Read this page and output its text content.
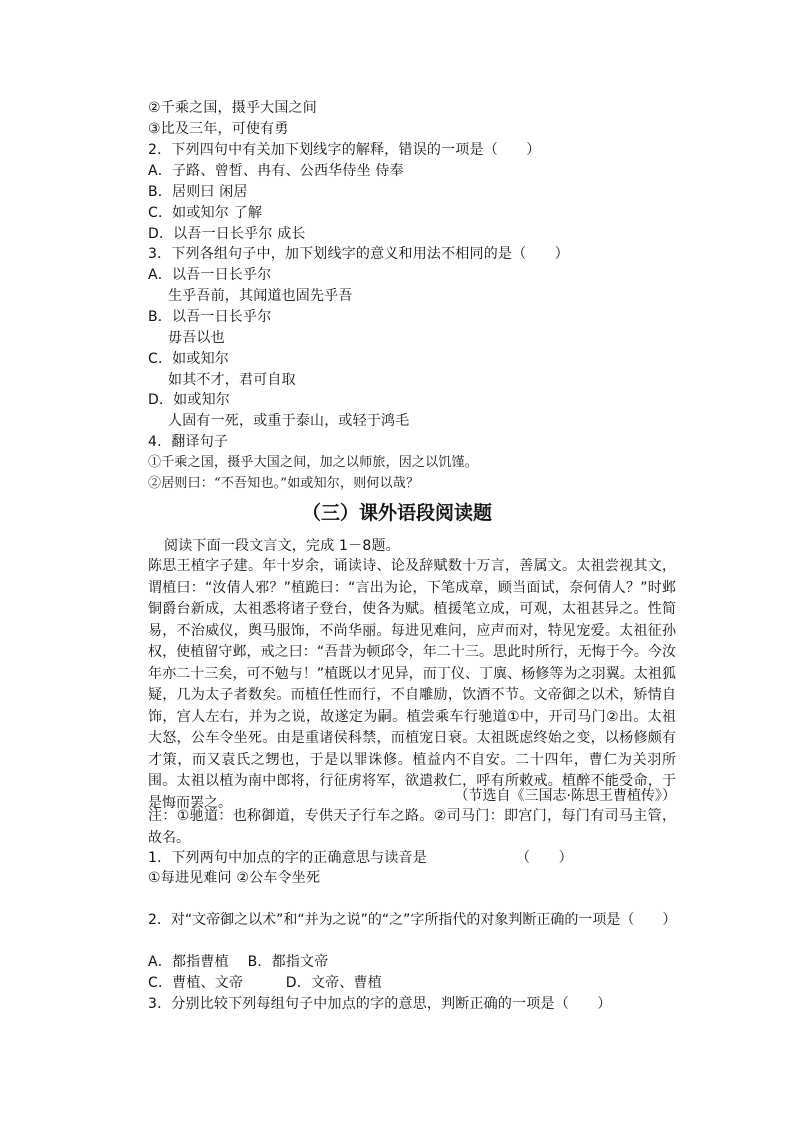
②千乘之国，摄乎大国之间
③比及三年，可使有勇
2．下列四句中有关加下划线字的解释，错误的一项是（　　）
A．子路、曾皙、冉有、公西华侍坐 侍奉
B．居则曰 闲居
C．如或知尔 了解
D．以吾一日长乎尔 成长
3．下列各组句子中，加下划线字的意义和用法不相同的是（　　）
A．以吾一日长乎尔
生乎吾前，其闻道也固先乎吾
B．以吾一日长乎尔
毋吾以也
C．如或知尔
如其不才，君可自取
D．如或知尔
人固有一死，或重于泰山，或轻于鸿毛
4．翻译句子
①千乘之国，摄乎大国之间，加之以师旅，因之以饥馑。
②居则曰：“不吾知也。”如或知尔，则何以哉？
（三）课外语段阅读题
阅读下面一段文言文，完成 1－8题。

陈思王植字子建。年十岁余，诵读诗、论及辞赋数十万言，善属文。太祖尝视其文，谓植曰：“汝倩人邪？”植跪曰：“言出为论，下笔成章，顾当面试，奈何倩人？”时邺铜爵台新成，太祖悉将诸子登台，使各为赋。植援笔立成，可观，太祖甚异之。性简易，不治威仪，舆马服饰，不尚华丽。每进见难问，应声而对，特见宠爱。太祖征孙权，使植留守邺，戒之曰：“吾昔为顿邱令，年二十三。思此时所行，无悔于今。今汝年亦二十三矣，可不勉与！”植既以才见异，而丁仪、丁廙、杨修等为之羽翼。太祖狐疑，几为太子者数矣。而植任性而行，不自雕励，饮酒不节。文帝御之以术，矫情自饰，宫人左右，并为之说，故遂定为嗣。植尝乘车行驰道①中，开司马门②出。太祖大怒，公车令坐死。由是重诸侯科禁，而植宠日衰。太祖既虑终始之变，以杨修颇有才策，而又袁氏之甥也，于是以罪诛修。植益内不自安。二十四年，曹仁为关羽所围。太祖以植为南中郎将，行征虏将军，欲遣救仁，呼有所敕戒。植醉不能受命，于是悔而罢之。	（节选自《三国志·陈思王曹植传》）

注：①驰道：也称御道，专供天子行车之路。②司马门：即宫门，每门有司马主管，故名。

1．下列两句中加点的字的正确意思与读音是	（　　）
①每进见难问 ②公车令坐死

2．对“文帝御之以术”和“并为之说”的“之”字所指代的对象判断正确的一项是（　　）

A．都指曹植　 B．都指文帝
C．曹植、文帝　　　D．文帝、曹植
3．分别比较下列每组句子中加点的字的意思，判断正确的一项是（　　）
